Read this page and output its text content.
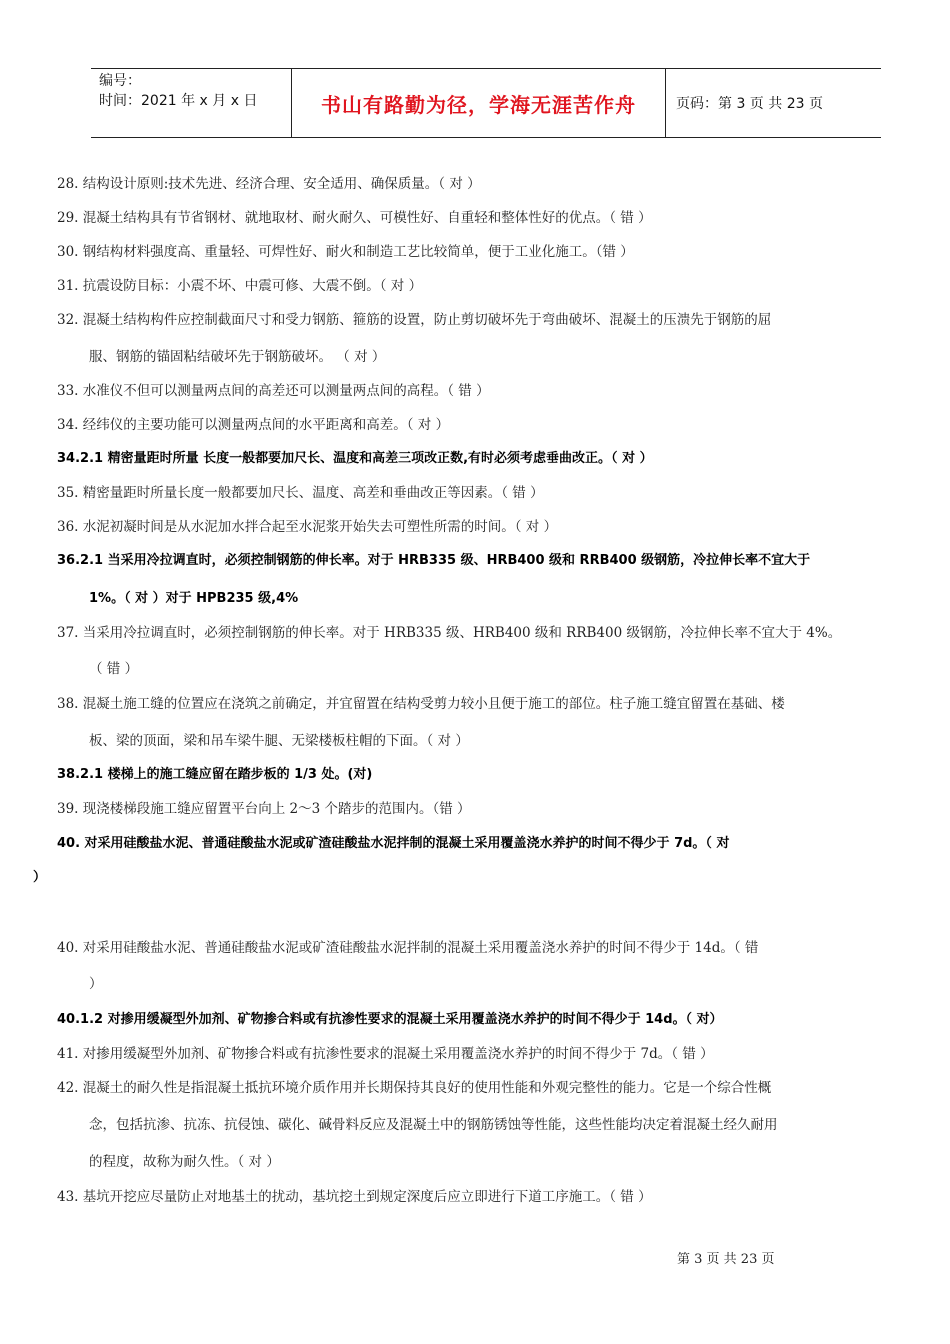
编号：
时间：2021 年 x 月 x 日	书山有路勤为径，学海无涯苦作舟	页码：第 3 页 共 23 页
28. 结构设计原则:技术先进、经济合理、安全适用、确保质量。（ 对 ）
29. 混凝土结构具有节省钢材、就地取材、耐火耐久、可模性好、自重轻和整体性好的优点。（ 错 ）
30. 钢结构材料强度高、重量轻、可焊性好、耐火和制造工艺比较简单，便于工业化施工。（错 ）
31. 抗震设防目标：小震不坏、中震可修、大震不倒。（ 对 ）
32. 混凝土结构构件应控制截面尺寸和受力钢筋、箍筋的设置，防止剪切破坏先于弯曲破坏、混凝土的压溃先于钢筋的屈
服、钢筋的锚固粘结破坏先于钢筋破坏。 （ 对 ）
33. 水准仪不但可以测量两点间的高差还可以测量两点间的高程。（ 错 ）
34. 经纬仪的主要功能可以测量两点间的水平距离和高差。（ 对 ）
34.2.1 精密量距时所量 长度一般都要加尺长、温度和高差三项改正数,有时必须考虑垂曲改正。（ 对 ）
35. 精密量距时所量长度一般都要加尺长、温度、高差和垂曲改正等因素。（ 错 ）
36. 水泥初凝时间是从水泥加水拌合起至水泥浆开始失去可塑性所需的时间。（ 对 ）
36.2.1 当采用冷拉调直时，必须控制钢筋的伸长率。对于 HRB335 级、HRB400 级和 RRB400 级钢筋，冷拉伸长率不宜大于
1%。（ 对 ）对于 HPB235 级,4%
37. 当采用冷拉调直时，必须控制钢筋的伸长率。对于 HRB335 级、HRB400 级和 RRB400 级钢筋，冷拉伸长率不宜大于 4%。
（ 错 ）
38. 混凝土施工缝的位置应在浇筑之前确定，并宜留置在结构受剪力较小且便于施工的部位。柱子施工缝宜留置在基础、楼
板、梁的顶面，梁和吊车梁牛腿、无梁楼板柱帽的下面。（ 对 ）
38.2.1 楼梯上的施工缝应留在踏步板的 1/3 处。(对)
39. 现浇楼梯段施工缝应留置平台向上 2～3 个踏步的范围内。（错 ）
40. 对采用硅酸盐水泥、普通硅酸盐水泥或矿渣硅酸盐水泥拌制的混凝土采用覆盖浇水养护的时间不得少于 7d。（ 对
）
40. 对采用硅酸盐水泥、普通硅酸盐水泥或矿渣硅酸盐水泥拌制的混凝土采用覆盖浇水养护的时间不得少于 14d。（ 错
）
40.1.2 对掺用缓凝型外加剂、矿物掺合料或有抗渗性要求的混凝土采用覆盖浇水养护的时间不得少于 14d。（ 对）
41. 对掺用缓凝型外加剂、矿物掺合料或有抗渗性要求的混凝土采用覆盖浇水养护的时间不得少于 7d。（ 错 ）
42. 混凝土的耐久性是指混凝土抵抗环境介质作用并长期保持其良好的使用性能和外观完整性的能力。它是一个综合性概
念，包括抗渗、抗冻、抗侵蚀、碳化、碱骨料反应及混凝土中的钢筋锈蚀等性能，这些性能均决定着混凝土经久耐用
的程度，故称为耐久性。（ 对 ）
43. 基坑开挖应尽量防止对地基土的扰动，基坑挖土到规定深度后应立即进行下道工序施工。（ 错 ）
第 3 页 共 23 页
